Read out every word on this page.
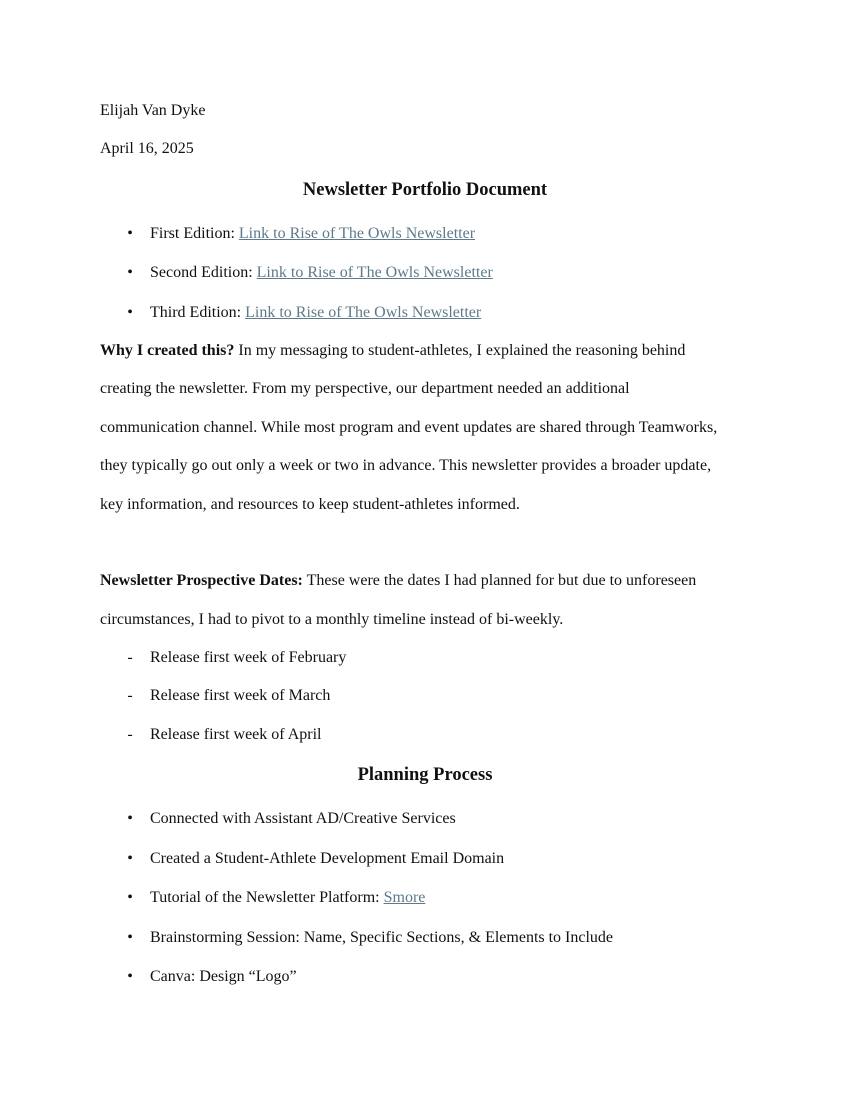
Elijah Van Dyke
April 16, 2025
Newsletter Portfolio Document
• First Edition: Link to Rise of The Owls Newsletter
• Second Edition: Link to Rise of The Owls Newsletter
• Third Edition: Link to Rise of The Owls Newsletter
Why I created this? In my messaging to student-athletes, I explained the reasoning behind
creating the newsletter. From my perspective, our department needed an additional
communication channel. While most program and event updates are shared through Teamworks,
they typically go out only a week or two in advance. This newsletter provides a broader update,
key information, and resources to keep student-athletes informed.
Newsletter Prospective Dates: These were the dates I had planned for but due to unforeseen
circumstances, I had to pivot to a monthly timeline instead of bi-weekly.
- Release first week of February
- Release first week of March
- Release first week of April
Planning Process
• Connected with Assistant AD/Creative Services
• Created a Student-Athlete Development Email Domain
• Tutorial of the Newsletter Platform: Smore
• Brainstorming Session: Name, Specific Sections, & Elements to Include
• Canva: Design “Logo”
